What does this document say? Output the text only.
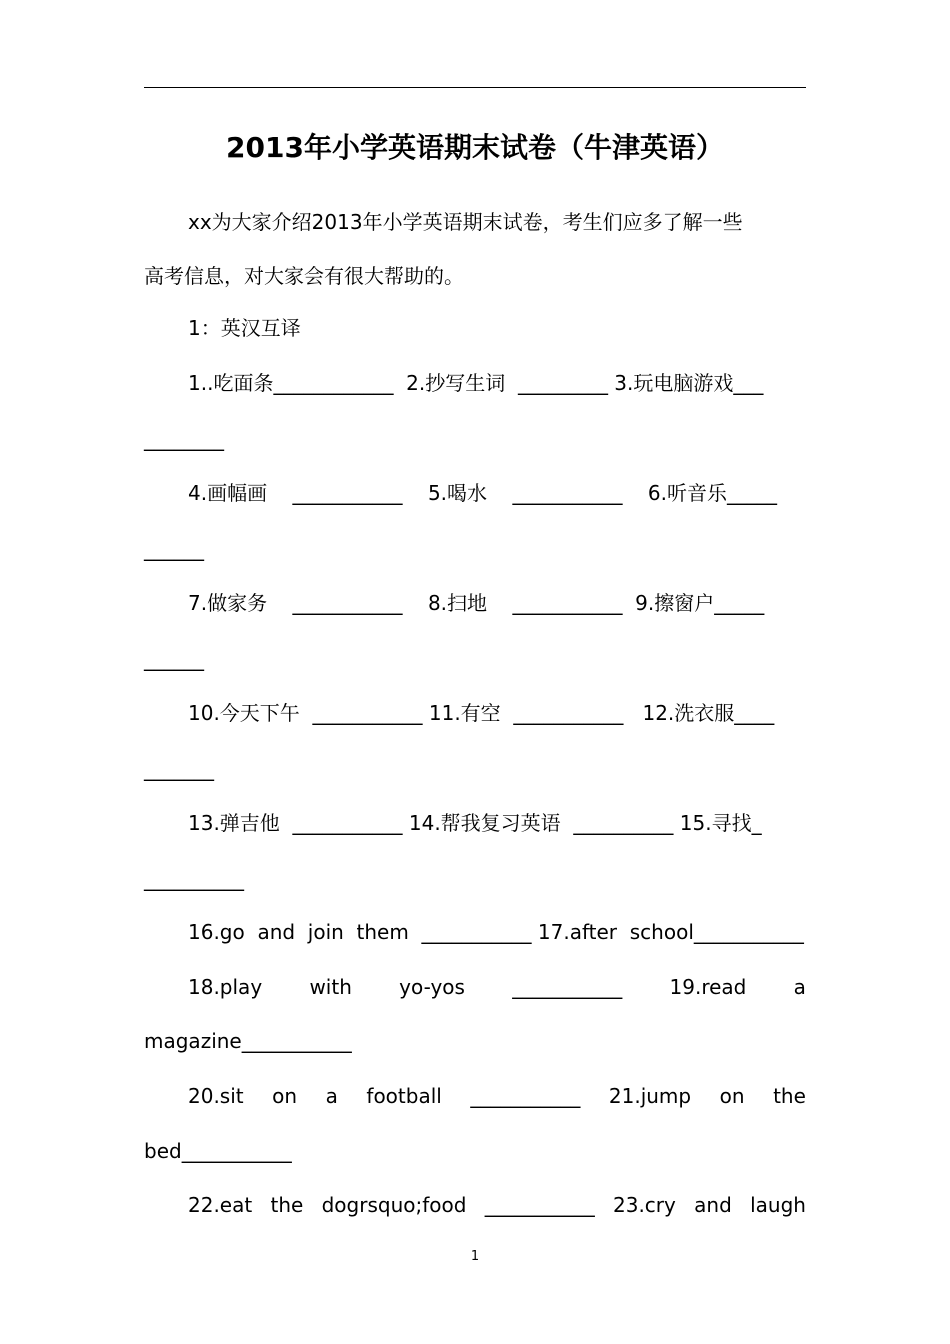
2013年小学英语期末试卷（牛津英语）
xx为大家介绍2013年小学英语期末试卷，考生们应多了解一些
高考信息，对大家会有很大帮助的。
1：英汉互译
1..吃面条____________  2.抄写生词  _________ 3.玩电脑游戏___
________
4.画幅画    ___________    5.喝水    ___________    6.听音乐_____
______
7.做家务    ___________    8.扫地    ___________  9.擦窗户_____
______
10.今天下午  ___________ 11.有空  ___________   12.洗衣服____
_______
13.弹吉他  ___________ 14.帮我复习英语  __________ 15.寻找_
__________
16.go  and  join  them  ___________ 17.after  school___________
18.play with yo-yos ___________ 19.read a
magazine___________
20.sit on a football ___________ 21.jump on the
bed___________
22.eat the dogrsquo;food ___________ 23.cry and laugh
1
